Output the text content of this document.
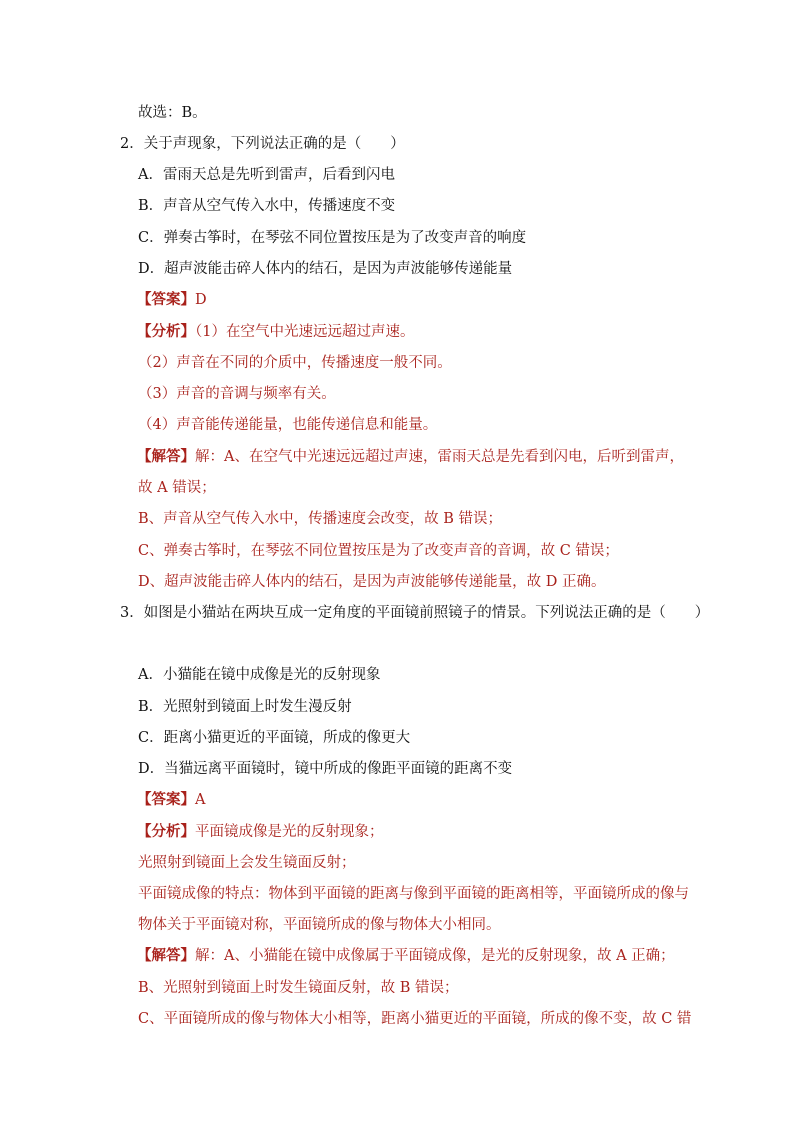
故选：B。
2．关于声现象，下列说法正确的是（　　）
A．雷雨天总是先听到雷声，后看到闪电
B．声音从空气传入水中，传播速度不变
C．弹奏古筝时，在琴弦不同位置按压是为了改变声音的响度
D．超声波能击碎人体内的结石，是因为声波能够传递能量
【答案】D
【分析】（1）在空气中光速远远超过声速。
（2）声音在不同的介质中，传播速度一般不同。
（3）声音的音调与频率有关。
（4）声音能传递能量，也能传递信息和能量。
【解答】解：A、在空气中光速远远超过声速，雷雨天总是先看到闪电，后听到雷声，
故 A 错误；
B、声音从空气传入水中，传播速度会改变，故 B 错误；
C、弹奏古筝时，在琴弦不同位置按压是为了改变声音的音调，故 C 错误；
D、超声波能击碎人体内的结石，是因为声波能够传递能量，故 D 正确。
3．如图是小猫站在两块互成一定角度的平面镜前照镜子的情景。下列说法正确的是（　　）
A．小猫能在镜中成像是光的反射现象
B．光照射到镜面上时发生漫反射
C．距离小猫更近的平面镜，所成的像更大
D．当猫远离平面镜时，镜中所成的像距平面镜的距离不变
【答案】A
【分析】平面镜成像是光的反射现象；
光照射到镜面上会发生镜面反射；
平面镜成像的特点：物体到平面镜的距离与像到平面镜的距离相等，平面镜所成的像与
物体关于平面镜对称，平面镜所成的像与物体大小相同。
【解答】解：A、小猫能在镜中成像属于平面镜成像，是光的反射现象，故 A 正确；
B、光照射到镜面上时发生镜面反射，故 B 错误；
C、平面镜所成的像与物体大小相等，距离小猫更近的平面镜，所成的像不变，故 C 错
